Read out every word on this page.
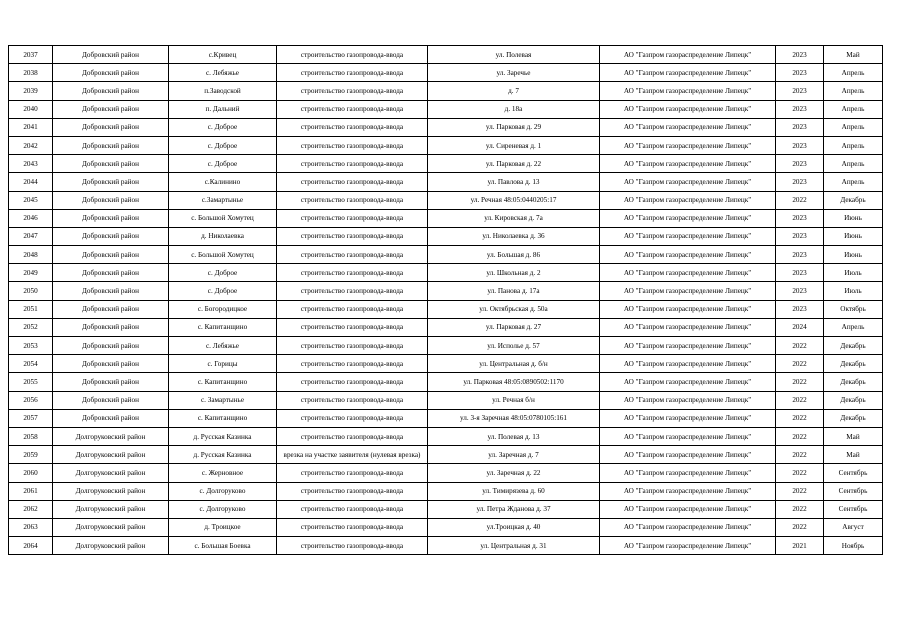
2037	Добровский район	с.Кривец	строительство газопровода-ввода	ул. Полевая	АО "Газпром газораспределение Липецк"	2023	Май
2038	Добровский район	с. Лебяжье	строительство газопровода-ввода	ул. Заречье	АО "Газпром газораспределение Липецк"	2023	Апрель
2039	Добровский район	п.Заводской	строительство газопровода-ввода	д. 7	АО "Газпром газораспределение Липецк"	2023	Апрель
2040	Добровский район	п. Дальний	строительство газопровода-ввода	д. 18а	АО "Газпром газораспределение Липецк"	2023	Апрель
2041	Добровский район	с. Доброе	строительство газопровода-ввода	ул. Парковая д. 29	АО "Газпром газораспределение Липецк"	2023	Апрель
2042	Добровский район	с. Доброе	строительство газопровода-ввода	ул. Сиреневая д. 1	АО "Газпром газораспределение Липецк"	2023	Апрель
2043	Добровский район	с. Доброе	строительство газопровода-ввода	ул. Парковая д. 22	АО "Газпром газораспределение Липецк"	2023	Апрель
2044	Добровский район	с.Калинино	строительство газопровода-ввода	ул. Павлова д. 13	АО "Газпром газораспределение Липецк"	2023	Апрель
2045	Добровский район	с.Замартынье	строительство газопровода-ввода	ул. Речная 48:05:0440205:17	АО "Газпром газораспределение Липецк"	2022	Декабрь
2046	Добровский район	с. Большой Хомутец	строительство газопровода-ввода	ул. Кировская д. 7а	АО "Газпром газораспределение Липецк"	2023	Июнь
2047	Добровский район	д. Николаевка	строительство газопровода-ввода	ул. Николаевка д. 36	АО "Газпром газораспределение Липецк"	2023	Июнь
2048	Добровский район	с. Большой Хомутец	строительство газопровода-ввода	ул. Большая д. 86	АО "Газпром газораспределение Липецк"	2023	Июнь
2049	Добровский район	с. Доброе	строительство газопровода-ввода	ул. Школьная д. 2	АО "Газпром газораспределение Липецк"	2023	Июль
2050	Добровский район	с. Доброе	строительство газопровода-ввода	ул. Панова д. 17а	АО "Газпром газораспределение Липецк"	2023	Июль
2051	Добровский район	с. Богородицкое	строительство газопровода-ввода	ул. Октябрьская д. 50а	АО "Газпром газораспределение Липецк"	2023	Октябрь
2052	Добровский район	с. Капитанщино	строительство газопровода-ввода	ул. Парковая д. 27	АО "Газпром газораспределение Липецк"	2024	Апрель
2053	Добровский район	с. Лебяжье	строительство газопровода-ввода	ул. Исполье д. 57	АО "Газпром газораспределение Липецк"	2022	Декабрь
2054	Добровский район	с. Горицы	строительство газопровода-ввода	ул. Центральная д. б/н	АО "Газпром газораспределение Липецк"	2022	Декабрь
2055	Добровский район	с. Капитанщино	строительство газопровода-ввода	ул. Парковая 48:05:0890502:1170	АО "Газпром газораспределение Липецк"	2022	Декабрь
2056	Добровский район	с. Замартынье	строительство газопровода-ввода	ул. Речная б/н	АО "Газпром газораспределение Липецк"	2022	Декабрь
2057	Добровский район	с. Капитанщино	строительство газопровода-ввода	ул. 3-я Заречная 48:05:0780105:161	АО "Газпром газораспределение Липецк"	2022	Декабрь
2058	Долгоруковский район	д. Русская Казинка	строительство газопровода-ввода	ул. Полевая д. 13	АО "Газпром газораспределение Липецк"	2022	Май
2059	Долгоруковский район	д. Русская Казинка	врезка на участке заявителя (нулевая врезка)	ул. Заречная д. 7	АО "Газпром газораспределение Липецк"	2022	Май
2060	Долгоруковский район	с. Жерновное	строительство газопровода-ввода	ул. Заречная д. 22	АО "Газпром газораспределение Липецк"	2022	Сентябрь
2061	Долгоруковский район	с. Долгоруково	строительство газопровода-ввода	ул. Тимирязева д. 60	АО "Газпром газораспределение Липецк"	2022	Сентябрь
2062	Долгоруковский район	с. Долгоруково	строительство газопровода-ввода	ул. Петра Жданова д. 37	АО "Газпром газораспределение Липецк"	2022	Сентябрь
2063	Долгоруковский район	д. Троицкое	строительство газопровода-ввода	ул.Троицкая д. 40	АО "Газпром газораспределение Липецк"	2022	Август
2064	Долгоруковский район	с. Большая Боевка	строительство газопровода-ввода	ул. Центральная д. 31	АО "Газпром газораспределение Липецк"	2021	Ноябрь
